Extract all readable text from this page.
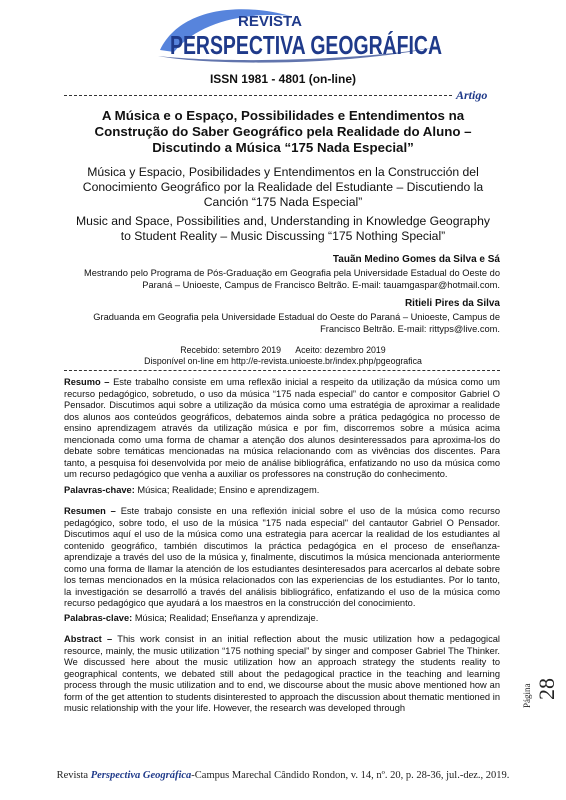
REVISTA
PERSPECTIVA GEOGRÁFICA
ISSN 1981 - 4801 (on-line)
Artigo
A Música e o Espaço, Possibilidades e Entendimentos na Construção do Saber Geográfico pela Realidade do Aluno – Discutindo a Música “175 Nada Especial”
Música y Espacio, Posibilidades y Entendimentos en la Construcción del Conocimiento Geográfico por la Realidade del Estudiante – Discutiendo la Canción “175 Nada Especial”
Music and Space, Possibilities and, Understanding in Knowledge Geography to Student Reality – Music Discussing “175 Nothing Special”
Tauãn Medino Gomes da Silva e Sá
Mestrando pelo Programa de Pós-Graduação em Geografia pela Universidade Estadual do Oeste do Paraná – Unioeste, Campus de Francisco Beltrão. E-mail: tauamgaspar@hotmail.com.
Ritieli Pires da Silva
Graduanda em Geografia pela Universidade Estadual do Oeste do Paraná – Unioeste, Campus de Francisco Beltrão. E-mail: rittyps@live.com.
Recebido: setembro 2019      Aceito: dezembro 2019
Disponível on-line em http://e-revista.unioeste.br/index.php/pgeografica
Resumo – Este trabalho consiste em uma reflexão inicial a respeito da utilização da música como um recurso pedagógico, sobretudo, o uso da música “175 nada especial” do cantor e compositor Gabriel O Pensador. Discutimos aqui sobre a utilização da música como uma estratégia de aproximar a realidade dos alunos aos conteúdos geográficos, debatemos ainda sobre a prática pedagógica no processo de ensino aprendizagem através da utilização música e por fim, discorremos sobre a música acima mencionada como uma forma de chamar a atenção dos alunos desinteressados para aproxima-los do debate sobre temáticas mencionadas na música relacionando com as vivências dos discentes. Para tanto, a pesquisa foi desenvolvida por meio de análise bibliográfica, enfatizando no uso da música como um recurso pedagógico que venha a auxiliar os professores na construção do conhecimento.
Palavras-chave: Música; Realidade; Ensino e aprendizagem.
Resumen – Este trabajo consiste en una reflexión inicial sobre el uso de la música como recurso pedagógico, sobre todo, el uso de la música "175 nada especial" del cantautor Gabriel O Pensador. Discutimos aquí el uso de la música como una estrategia para acercar la realidad de los estudiantes al contenido geográfico, también discutimos la práctica pedagógica en el proceso de enseñanza-aprendizaje a través del uso de la música y, finalmente, discutimos la música mencionada anteriormente como una forma de llamar la atención de los estudiantes desinteresados para acercarlos al debate sobre los temas mencionados en la música relacionados con las experiencias de los estudiantes. Por lo tanto, la investigación se desarrolló a través del análisis bibliográfico, enfatizando el uso de la música como recurso pedagógico que ayudará a los maestros en la construcción del conocimiento.
Palabras-clave: Música; Realidad; Enseñanza y aprendizaje.
Abstract – This work consist in an initial reflection about the music utilization how a pedagogical resource, mainly, the music utilization “175 nothing special” by singer and composer Gabriel The Thinker. We discussed here about the music utilization how an approach strategy the students reality to geographical contents, we debated still about the pedagogical practice in the teaching and learning process through the music utilization and to end, we discourse about the music above mentioned how an form of the get attention to students disinterested to approach the discussion about thematic mentioned in music relationship with the your life. However, the research was developed through	Página 28
Revista Perspectiva Geográfica-Campus Marechal Cândido Rondon, v. 14, nº. 20, p. 28-36, jul.-dez., 2019.
